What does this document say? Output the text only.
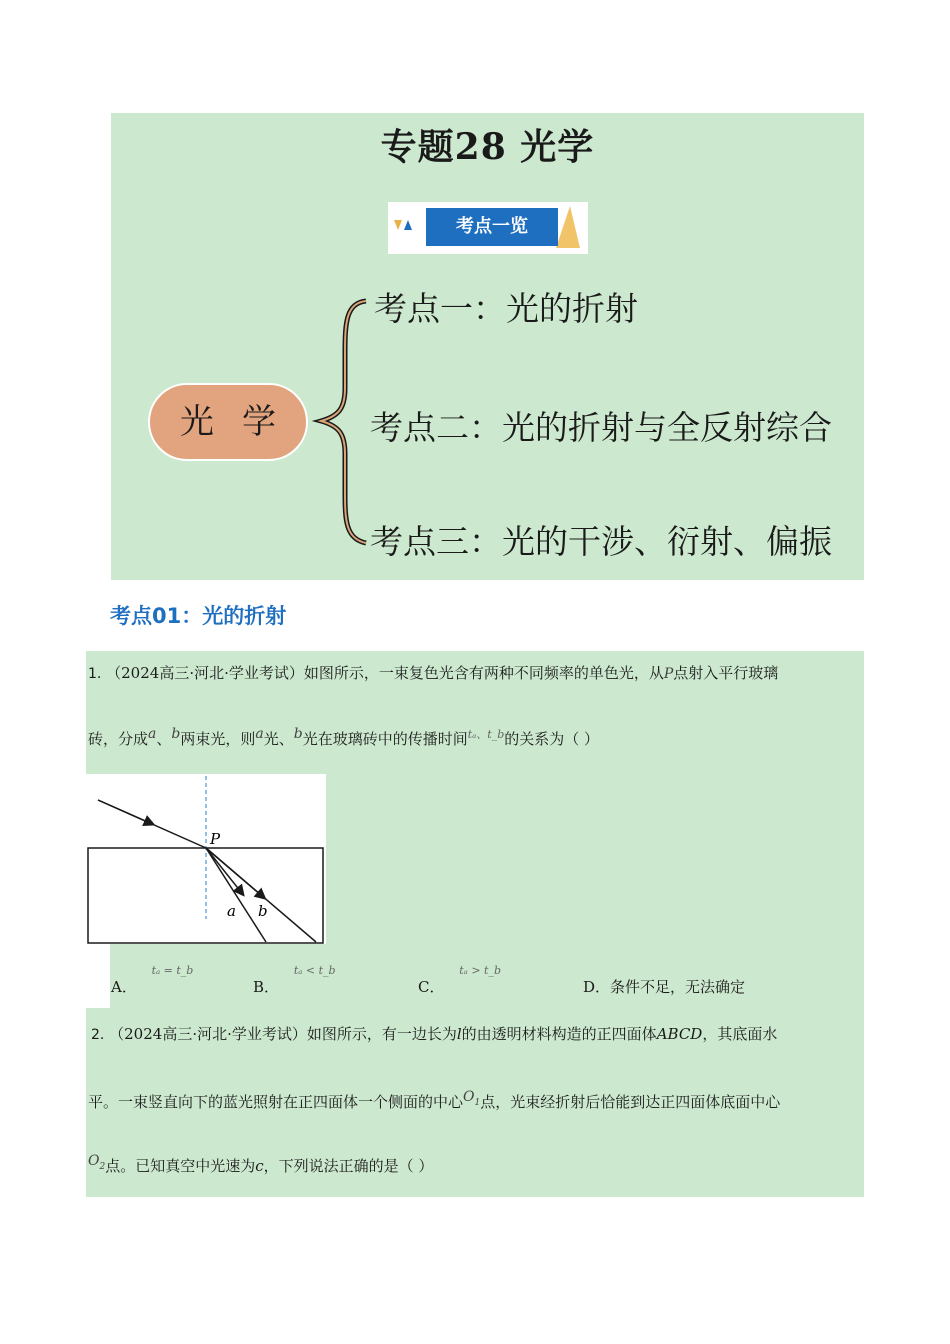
专题28 光学
考点一览
光学
考点一：光的折射
考点二：光的折射与全反射综合
考点三：光的干涉、衍射、偏振
考点01：光的折射
1. （2024高三·河北·学业考试）如图所示，一束复色光含有两种不同频率的单色光，从P点射入平行玻璃
砖，分成$^a$、$^b$两束光，则$^a$光、$^b$光在玻璃砖中的传播时间$^{t_a、t\_b}$的关系为（ ）
P
a b
A． $^{t_a = t\_b}$
B． $^{t_a < t\_b}$
C． $^{t_a > t\_b}$
D．条件不足，无法确定
2. （2024高三·河北·学业考试）如图所示，有一边长为l的由透明材料构造的正四面体ABCD，其底面水
平。一束竖直向下的蓝光照射在正四面体一个侧面的中心$^{O_1}$点，光束经折射后恰能到达正四面体底面中心
$^{O_2}$点。已知真空中光速为c，下列说法正确的是（ ）
